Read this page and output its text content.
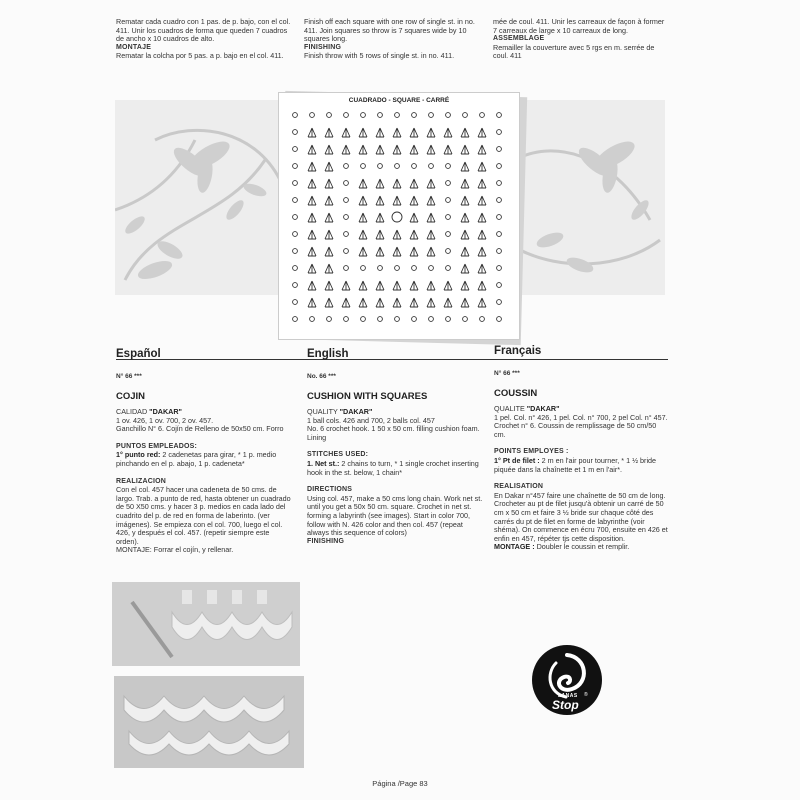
Rematar cada cuadro con 1 pas. de p. bajo, con el col. 411. Unir los cuadros de forma que queden 7 cuadros de ancho x 10 cuadros de alto.

MONTAJE

Rematar la colcha por 5 pas. a p. bajo en el col. 411.

Finish off each square with one row of single st. in no. 411. Join squares so throw is 7 squares wide by 10 squares long.

FINISHING

Finish throw with 5 rows of single st. in no. 411.

mée de coul. 411. Unir les carreaux de façon à former 7 carreaux de large x 10 carreaux de long.

ASSEMBLAGE

Remailler la couverture avec 5 rgs en m. serrée de coul. 411

CUADRADO - SQUARE - CARRÉ
Español
N° 66 ***
COJIN
CALIDAD "DAKAR"
1 ov. 426, 1 ov. 700, 2 ov. 457.
Ganchillo N° 6. Cojín de Relleno de 50x50 cm. Forro
PUNTOS EMPLEADOS:
1° punto red: 2 cadenetas para girar, * 1 p. medio pinchando en el p. abajo, 1 p. cadeneta*
REALIZACION
Con el col. 457 hacer una cadeneta de 50 cms. de largo. Trab. a punto de red, hasta obtener un cuadrado de 50 X50 cms. y hacer 3 p. medios en cada lado del cuadrito del p. de red en forma de laberinto. (ver imágenes). Se empieza con el col. 700, luego el col. 426, y después el col. 457. (repetir siempre este orden).
MONTAJE: Forrar el cojín, y rellenar.
English
No. 66 ***
CUSHION WITH SQUARES
QUALITY "DAKAR"
1 ball cols. 426 and 700, 2 balls col. 457
No. 6 crochet hook. 1 50 x 50 cm. filling cushion foam. Lining
STITCHES USED:
1. Net st.: 2 chains to turn, * 1 single crochet inserting hook in the st. below, 1 chain*
DIRECTIONS
Using col. 457, make a 50 cms long chain. Work net st. until you get a 50x 50 cm. square. Crochet in net st. forming a labyrinth (see images). Start in color 700, follow with N. 426 color and then col. 457 (repeat always this sequence of colors)
FINISHING
Français
N° 66 ***
COUSSIN
QUALITE "DAKAR"
1 pel. Col. n° 426, 1 pel. Col. n° 700, 2 pel Col. n° 457.
Crochet n° 6. Coussin de remplissage de 50 cm/50 cm.
POINTS EMPLOYES :
1° Pt de filet : 2 m en l'air pour tourner, * 1 ½ bride piquée dans la chaînette et 1 m en l'air*.
REALISATION
En Dakar n°457 faire une chaînette de 50 cm de long. Crocheter au pt de filet jusqu'à obtenir un carré de 50 cm x 50 cm et faire 3 ½ bride sur chaque côté des carrés du pt de filet en forme de labyrinthe (voir shéma). On commence en écru 700, ensuite en 426 et enfin en 457, répéter tjs cette disposition.
MONTAGE : Doubler le coussin et remplir.
LANAS ®
Stop
Página /Page 83
